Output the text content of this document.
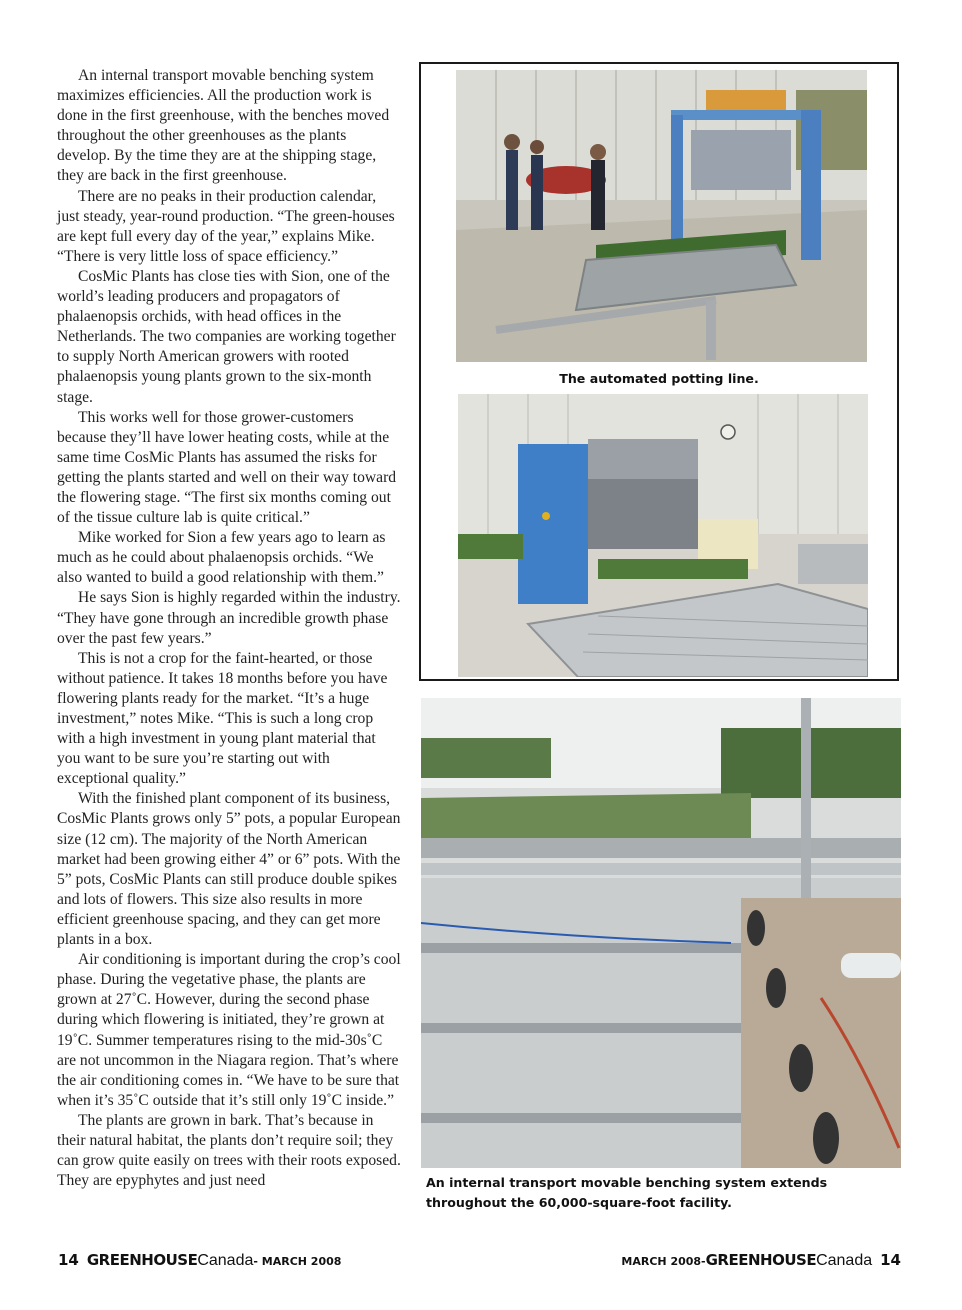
An internal transport movable benching system maximizes efficiencies. All the production work is done in the first greenhouse, with the benches moved throughout the other greenhouses as the plants develop. By the time they are at the shipping stage, they are back in the first greenhouse.

There are no peaks in their production calendar, just steady, year-round production. “The green-houses are kept full every day of the year,” explains Mike. “There is very little loss of space efficiency.”

CosMic Plants has close ties with Sion, one of the world’s leading producers and propagators of phalaenopsis orchids, with head offices in the Netherlands. The two companies are working together to supply North American growers with rooted phalaenopsis young plants grown to the six-month stage.

This works well for those grower-customers because they’ll have lower heating costs, while at the same time CosMic Plants has assumed the risks for getting the plants started and well on their way toward the flowering stage. “The first six months coming out of the tissue culture lab is quite critical.”

Mike worked for Sion a few years ago to learn as much as he could about phalaenopsis orchids. “We also wanted to build a good relationship with them.”

He says Sion is highly regarded within the industry. “They have gone through an incredible growth phase over the past few years.”

This is not a crop for the faint-hearted, or those without patience. It takes 18 months before you have flowering plants ready for the market. “It’s a huge investment,” notes Mike. “This is such a long crop with a high investment in young plant material that you want to be sure you’re starting out with exceptional quality.”

With the finished plant component of its business, CosMic Plants grows only 5” pots, a popular European size (12 cm). The majority of the North American market had been growing either 4” or 6” pots. With the 5” pots, CosMic Plants can still produce double spikes and lots of flowers. This size also results in more efficient greenhouse spacing, and they can get more plants in a box.

Air conditioning is important during the crop’s cool phase. During the vegetative phase, the plants are grown at 27˚C. However, during the second phase during which flowering is initiated, they’re grown at 19˚C. Summer temperatures rising to the mid-30s˚C are not uncommon in the Niagara region. That’s where the air conditioning comes in. “We have to be sure that when it’s 35˚C outside that it’s still only 19˚C inside.”

The plants are grown in bark. That’s because in their natural habitat, the plants don’t require soil; they can grow quite easily on trees with their roots exposed. They are epyphytes and just need

The automated potting line.
An internal transport movable benching system extends throughout the 60,000-square-foot facility.
14 GREENHOUSE Canada - MARCH 2008	MARCH 2008- GREENHOUSE Canada 14
